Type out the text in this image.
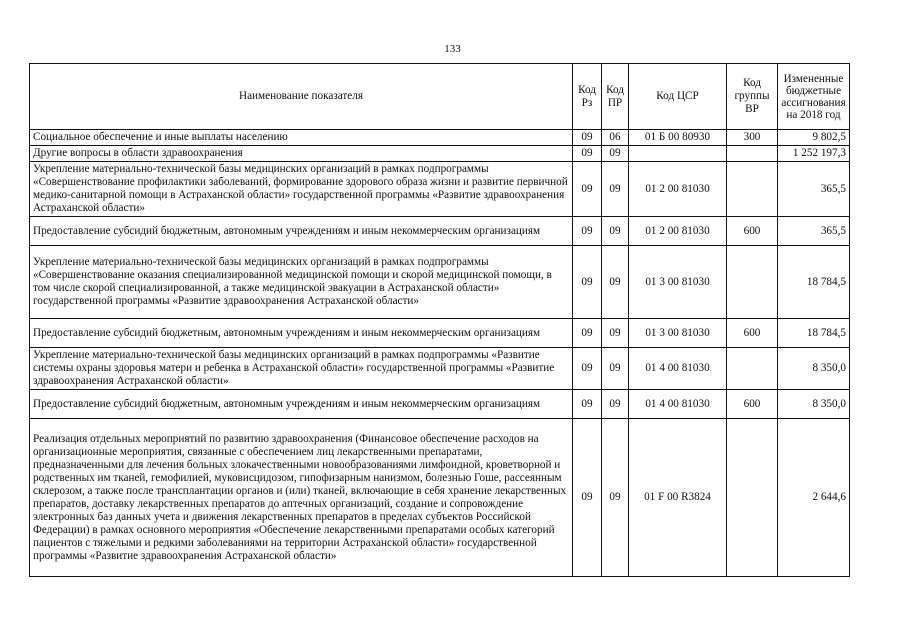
133
Наименование показателя	Код Рз	Код ПР	Код ЦСР	Код группы ВР	Измененные бюджетные ассигнования на 2018 год
Социальное обеспечение и иные выплаты населению	09	06	01 Б 00 80930	300	9 802,5
Другие вопросы в области здравоохранения	09	09			1 252 197,3
Укрепление материально-технической базы медицинских организаций в рамках подпрограммы «Совершенствование профилактики заболеваний, формирование здорового образа жизни и развитие первичной медико-санитарной помощи в Астраханской области» государственной программы «Развитие здравоохранения Астраханской области»	09	09	01 2 00 81030		365,5
Предоставление субсидий бюджетным, автономным учреждениям и иным некоммерческим организациям	09	09	01 2 00 81030	600	365,5
Укрепление материально-технической базы медицинских организаций в рамках подпрограммы «Совершенствование оказания специализированной медицинской помощи и скорой медицинской помощи, в том числе скорой специализированной, а также медицинской эвакуации в Астраханской области» государственной программы «Развитие здравоохранения Астраханской области»	09	09	01 3 00 81030		18 784,5
Предоставление субсидий бюджетным, автономным учреждениям и иным некоммерческим организациям	09	09	01 3 00 81030	600	18 784,5
Укрепление материально-технической базы медицинских организаций в рамках подпрограммы «Развитие системы охраны здоровья матери и ребенка в Астраханской области» государственной программы «Развитие здравоохранения Астраханской области»	09	09	01 4 00 81030		8 350,0
Предоставление субсидий бюджетным, автономным учреждениям и иным некоммерческим организациям	09	09	01 4 00 81030	600	8 350,0
Реализация отдельных мероприятий по развитию здравоохранения (Финансовое обеспечение расходов на организационные мероприятия, связанные с обеспечением лиц лекарственными препаратами, предназначенными для лечения больных злокачественными новообразованиями лимфоидной, кроветворной и родственных им тканей, гемофилией, муковисцидозом, гипофизарным нанизмом, болезнью Гоше, рассеянным склерозом, а также после трансплантации органов и (или) тканей, включающие в себя хранение лекарственных препаратов, доставку лекарственных препаратов до аптечных организаций, создание и сопровождение электронных баз данных учета и движения лекарственных препаратов в пределах субъектов Российской Федерации) в рамках основного мероприятия «Обеспечение лекарственными препаратами особых категорий пациентов с тяжелыми и редкими заболеваниями на территории Астраханской области» государственной программы «Развитие здравоохранения Астраханской области»	09	09	01 F 00 R3824		2 644,6
